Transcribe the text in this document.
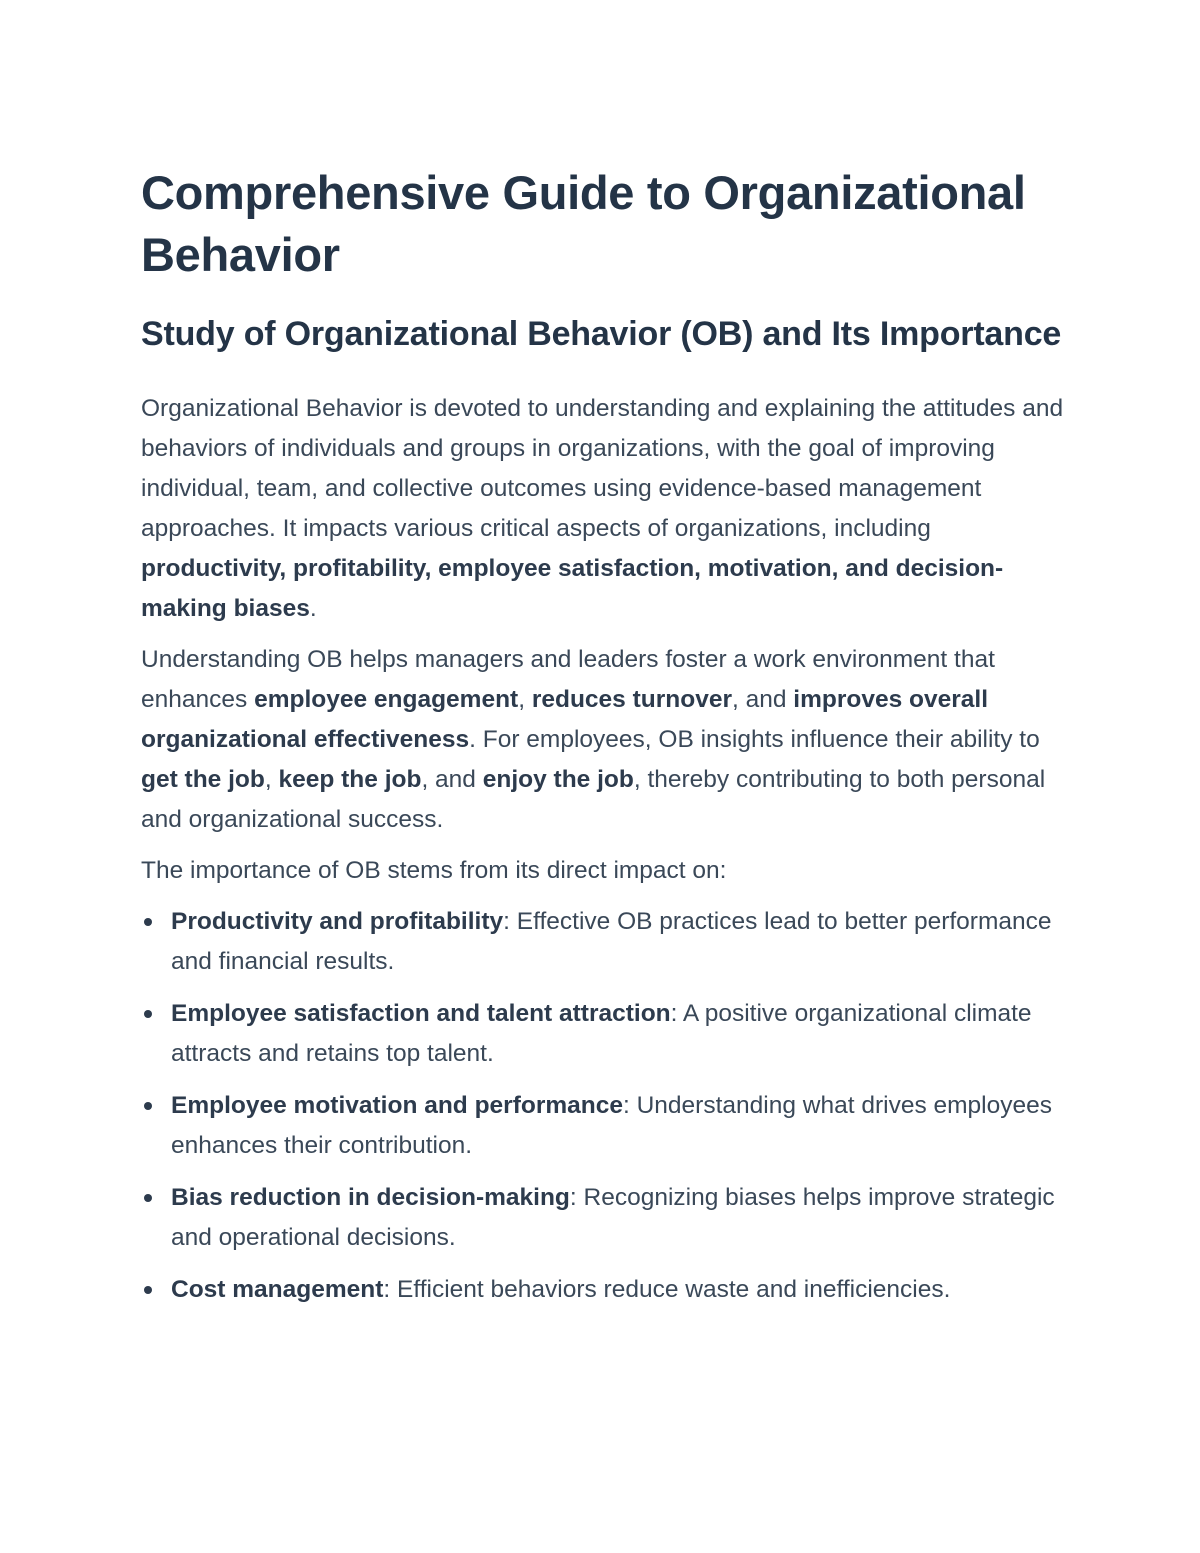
Comprehensive Guide to Organizational Behavior
Study of Organizational Behavior (OB) and Its Importance

Organizational Behavior is devoted to understanding and explaining the attitudes and behaviors of individuals and groups in organizations, with the goal of improving individual, team, and collective outcomes using evidence-based management approaches. It impacts various critical aspects of organizations, including productivity, profitability, employee satisfaction, motivation, and decision-making biases.

Understanding OB helps managers and leaders foster a work environment that enhances employee engagement, reduces turnover, and improves overall organizational effectiveness. For employees, OB insights influence their ability to get the job, keep the job, and enjoy the job, thereby contributing to both personal and organizational success.

The importance of OB stems from its direct impact on:

Productivity and profitability: Effective OB practices lead to better performance and financial results.
Employee satisfaction and talent attraction: A positive organizational climate attracts and retains top talent.
Employee motivation and performance: Understanding what drives employees enhances their contribution.
Bias reduction in decision-making: Recognizing biases helps improve strategic and operational decisions.
Cost management: Efficient behaviors reduce waste and inefficiencies.
